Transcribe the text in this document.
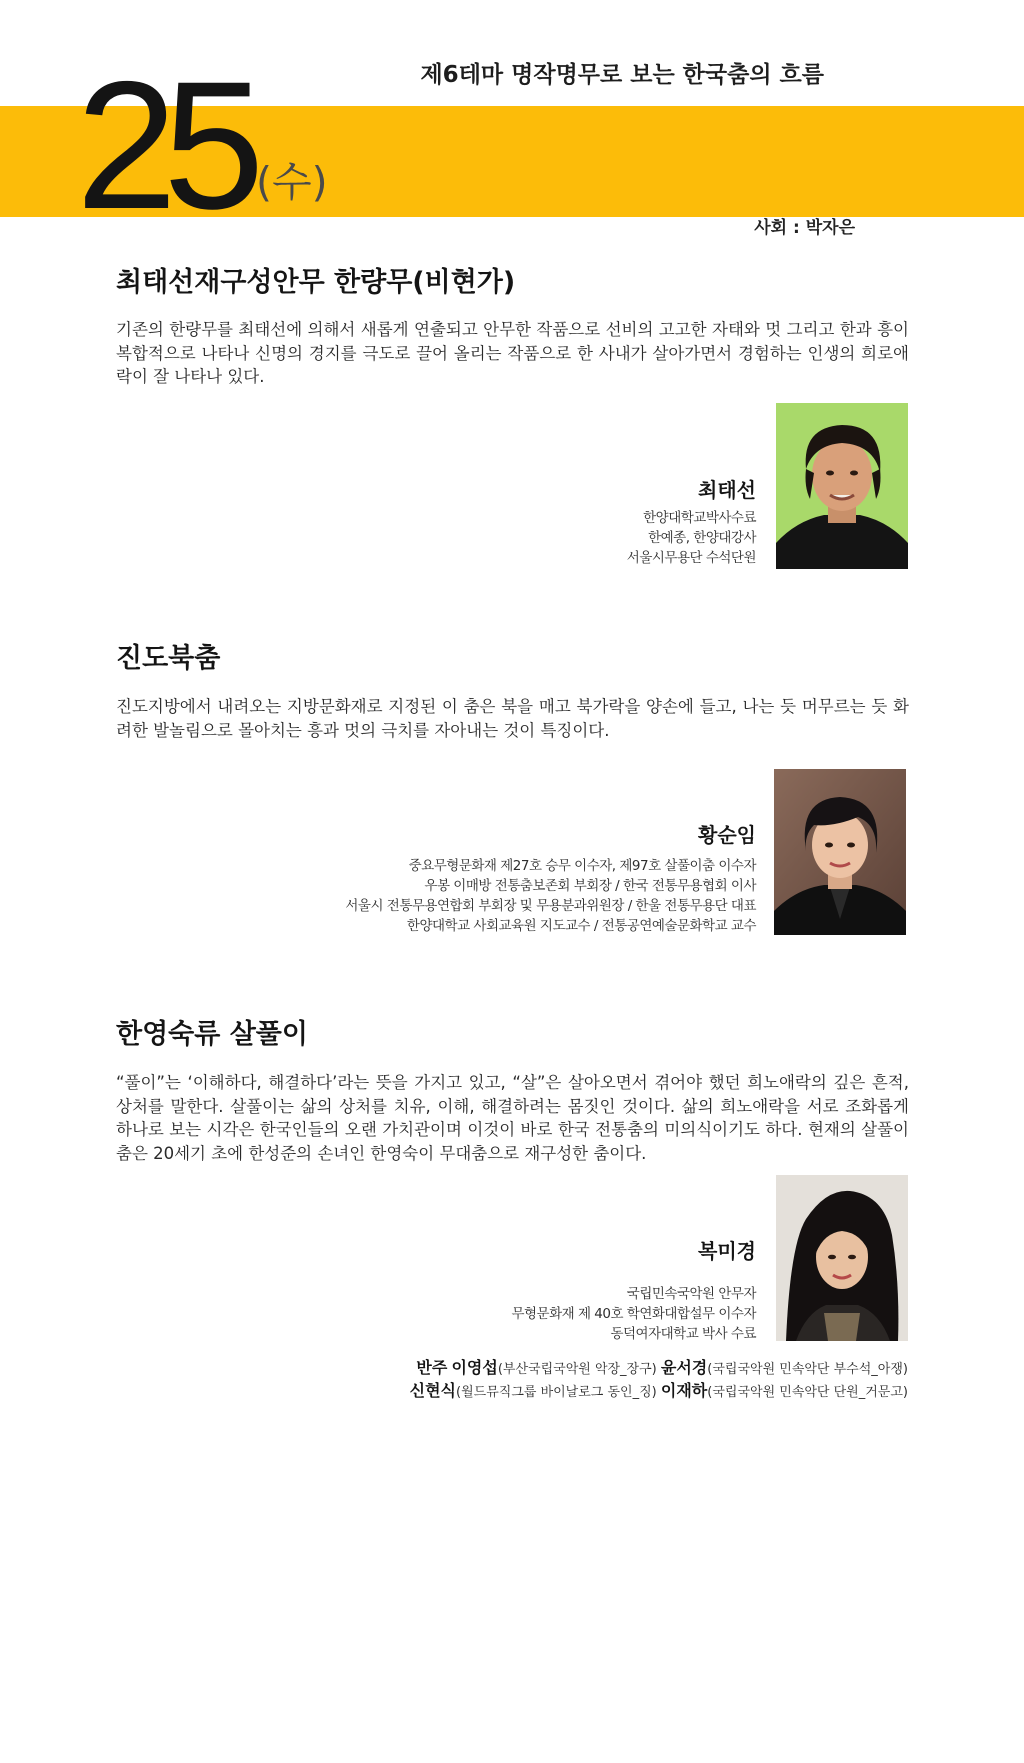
25 (수)
제6테마 명작명무로 보는 한국춤의 흐름
사회 : 박자은
최태선재구성안무 한량무(비현가)
기존의 한량무를 최태선에 의해서 새롭게 연출되고 안무한 작품으로 선비의 고고한 자태와 멋 그리고 한과 흥이 복합적으로 나타나 신명의 경지를 극도로 끌어 올리는 작품으로 한 사내가 살아가면서 경험하는 인생의 희로애락이 잘 나타나 있다.
최태선
한양대학교박사수료
한예종, 한양대강사
서울시무용단 수석단원
진도북춤
진도지방에서 내려오는 지방문화재로 지정된 이 춤은 북을 매고 북가락을 양손에 들고, 나는 듯 머무르는 듯 화려한 발놀림으로 몰아치는 흥과 멋의 극치를 자아내는 것이 특징이다.
황순임
중요무형문화재 제27호 승무 이수자, 제97호 살풀이춤 이수자
우봉 이매방 전통춤보존회 부회장 / 한국 전통무용협회 이사
서울시 전통무용연합회 부회장 및 무용분과위원장 / 한울 전통무용단 대표
한양대학교 사회교육원 지도교수 / 전통공연예술문화학교 교수
한영숙류 살풀이
“풀이”는 ‘이해하다, 해결하다’라는 뜻을 가지고 있고, “살”은 살아오면서 겪어야 했던 희노애락의 깊은 흔적, 상처를 말한다. 살풀이는 삶의 상처를 치유, 이해, 해결하려는 몸짓인 것이다. 삶의 희노애락을 서로 조화롭게 하나로 보는 시각은 한국인들의 오랜 가치관이며 이것이 바로 한국 전통춤의 미의식이기도 하다. 현재의 살풀이춤은 20세기 초에 한성준의 손녀인 한영숙이 무대춤으로 재구성한 춤이다.
복미경
국립민속국악원 안무자
무형문화재 제 40호 학연화대합설무 이수자
동덕여자대학교 박사 수료
반주 이영섭(부산국립국악원 악장_장구) 윤서경(국립국악원 민속악단 부수석_아쟁)
신현식(월드뮤직그룹 바이날로그 동인_징) 이재하(국립국악원 민속악단 단원_거문고)
